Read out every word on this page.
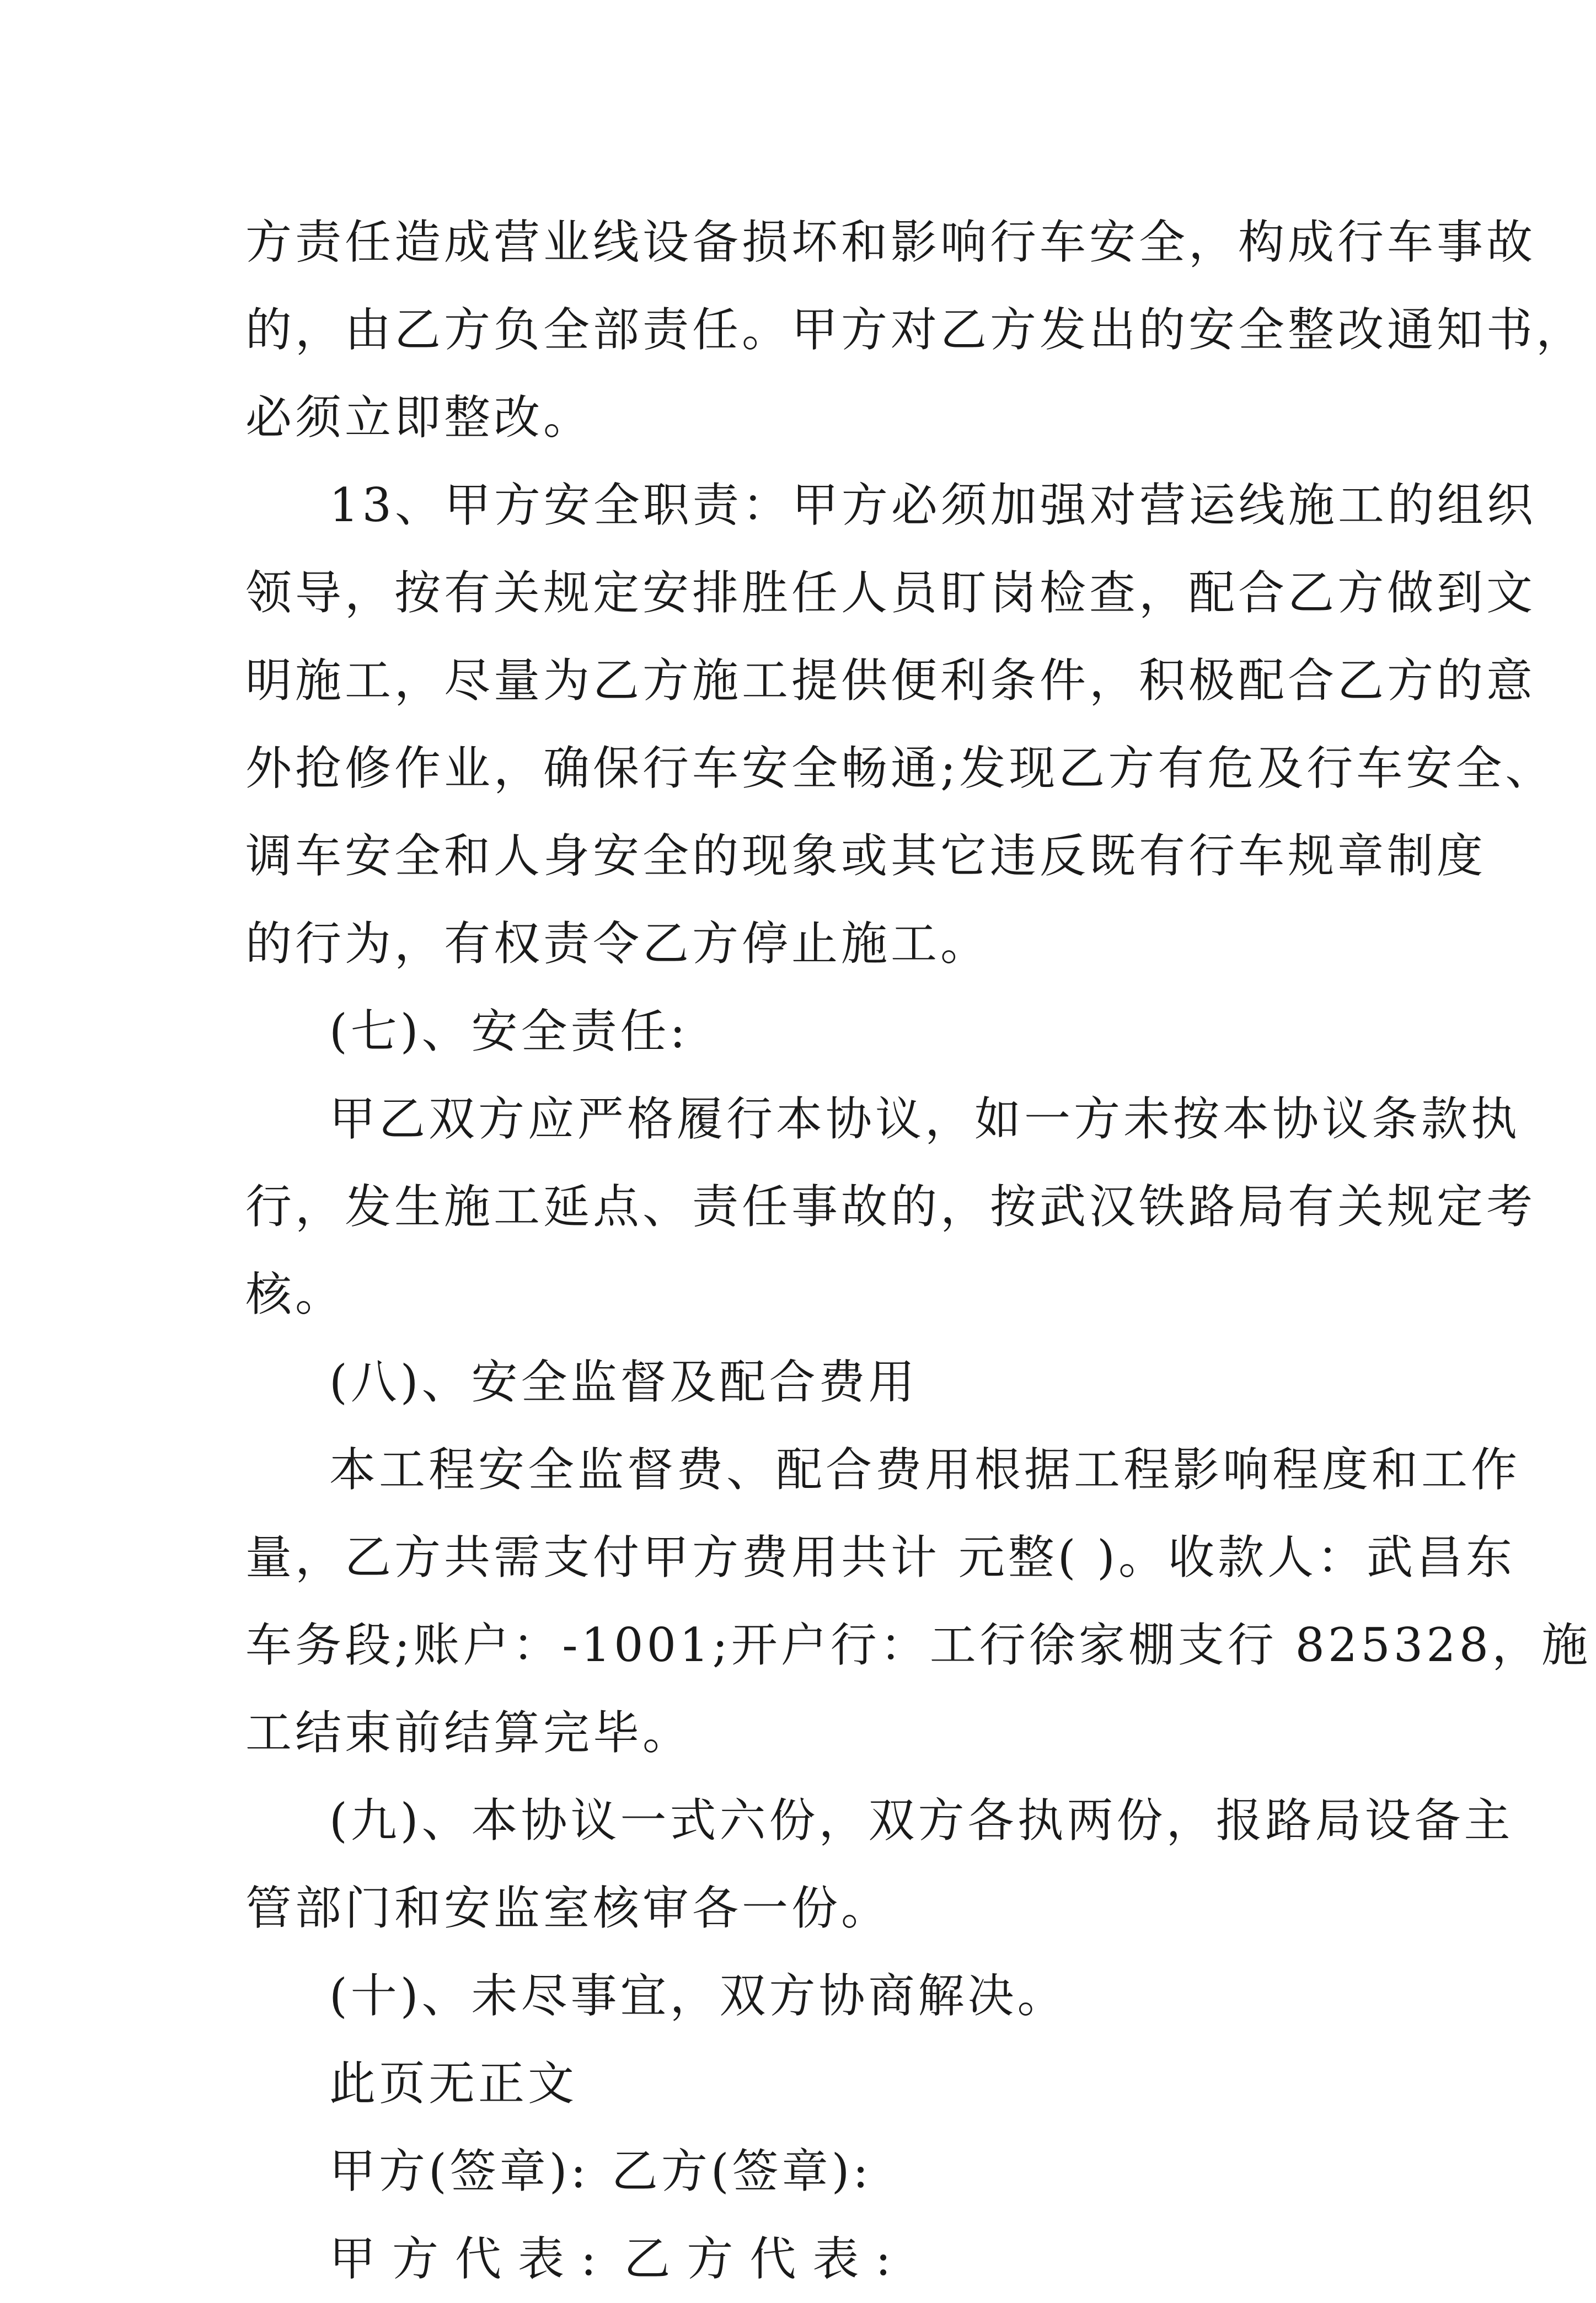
方责任造成营业线设备损坏和影响行车安全，构成行车事故
的，由乙方负全部责任。甲方对乙方发出的安全整改通知书，
必须立即整改。
13、甲方安全职责：甲方必须加强对营运线施工的组织
领导，按有关规定安排胜任人员盯岗检查，配合乙方做到文
明施工，尽量为乙方施工提供便利条件，积极配合乙方的意
外抢修作业，确保行车安全畅通;发现乙方有危及行车安全、
调车安全和人身安全的现象或其它违反既有行车规章制度
的行为，有权责令乙方停止施工。
(七)、安全责任:
甲乙双方应严格履行本协议，如一方未按本协议条款执
行，发生施工延点、责任事故的，按武汉铁路局有关规定考
核。
(八)、安全监督及配合费用
本工程安全监督费、配合费用根据工程影响程度和工作
量，乙方共需支付甲方费用共计 元整( )。收款人：武昌东
车务段;账户：-1001;开户行：工行徐家棚支行 825328，施
工结束前结算完毕。
(九)、本协议一式六份，双方各执两份，报路局设备主
管部门和安监室核审各一份。
(十)、未尽事宜，双方协商解决。
此页无正文
甲方(签章): 乙方(签章):
甲方代表: 乙方代表:
